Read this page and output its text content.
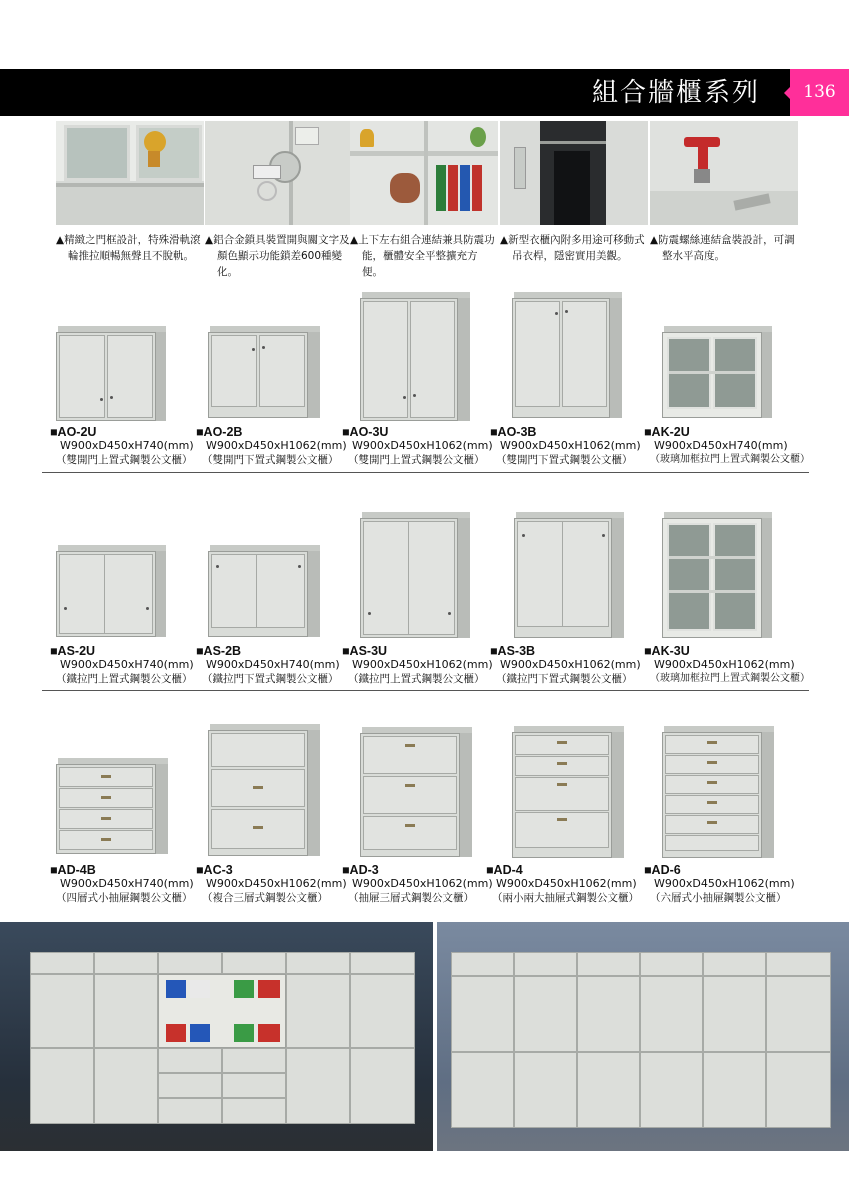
組合牆櫃系列	136
▲精緻之門框設計，特殊滑軌滾
輪推拉順暢無聲且不脫軌。
▲鋁合金鎖具裝置開與關文字及
顏色顯示功能鎖差600種變化。
▲上下左右組合連結兼具防震功
能，櫃體安全平整擴充方便。
▲新型衣櫃內附多用途可移動式
吊衣桿，隱密實用美觀。
▲防震螺絲連結盒裝設計，可調
整水平高度。
■AO-2U
W900xD450xH740(mm)
（雙開門上置式鋼製公文櫃）
■AO-2B
W900xD450xH1062(mm)
（雙開門下置式鋼製公文櫃）
■AO-3U
W900xD450xH1062(mm)
（雙開門上置式鋼製公文櫃）
■AO-3B
W900xD450xH1062(mm)
（雙開門下置式鋼製公文櫃）
■AK-2U
W900xD450xH740(mm)
（玻璃加框拉門上置式鋼製公文櫃）
■AS-2U
W900xD450xH740(mm)
（鐵拉門上置式鋼製公文櫃）
■AS-2B
W900xD450xH740(mm)
（鐵拉門下置式鋼製公文櫃）
■AS-3U
W900xD450xH1062(mm)
（鐵拉門上置式鋼製公文櫃）
■AS-3B
W900xD450xH1062(mm)
（鐵拉門下置式鋼製公文櫃）
■AK-3U
W900xD450xH1062(mm)
（玻璃加框拉門上置式鋼製公文櫃）
■AD-4B
W900xD450xH740(mm)
（四層式小抽屜鋼製公文櫃）
■AC-3
W900xD450xH1062(mm)
（複合三層式鋼製公文櫃）
■AD-3
W900xD450xH1062(mm)
（抽屜三層式鋼製公文櫃）
■AD-4
W900xD450xH1062(mm)
（兩小兩大抽屜式鋼製公文櫃）
■AD-6
W900xD450xH1062(mm)
（六層式小抽屜鋼製公文櫃）
